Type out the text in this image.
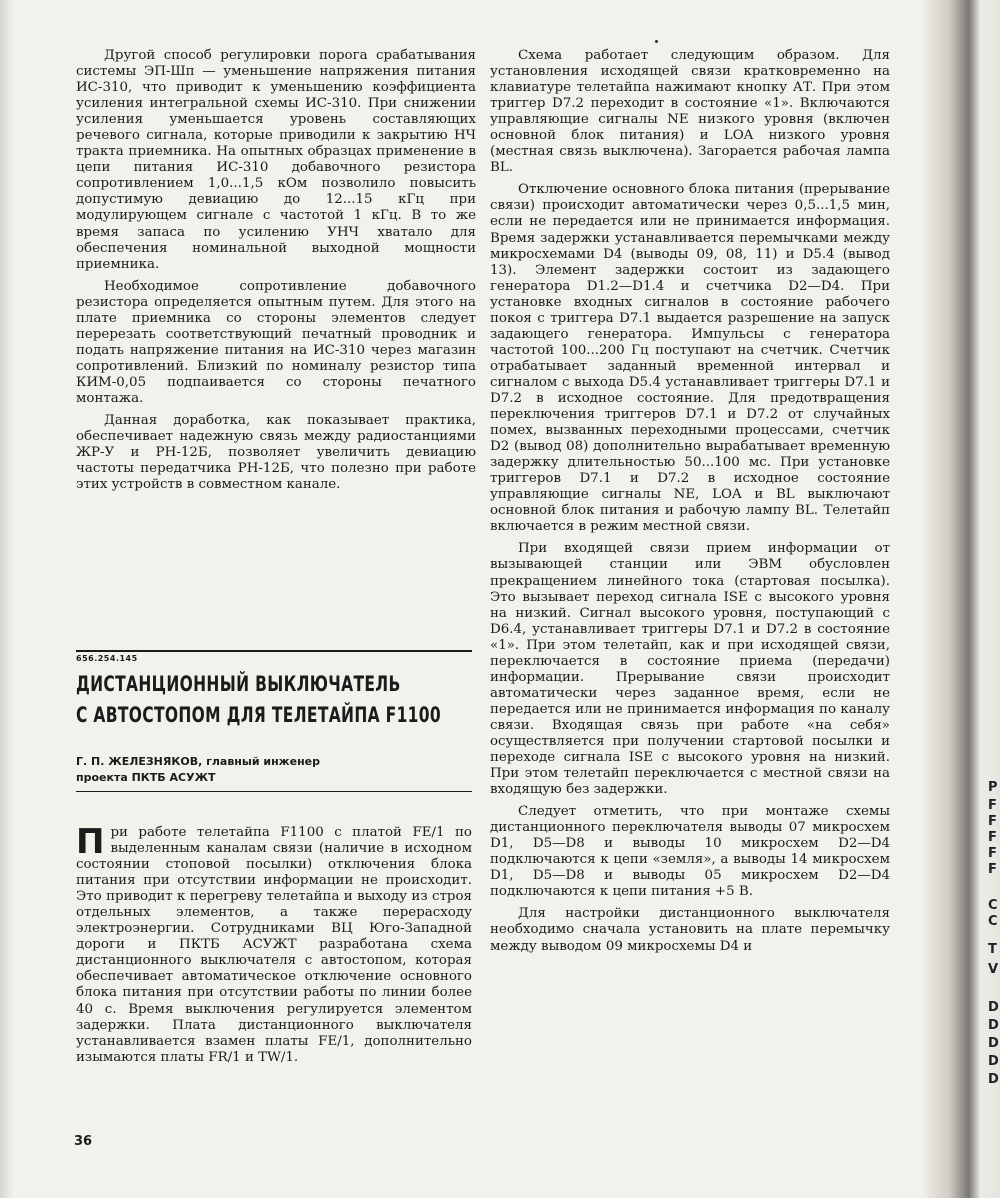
Другой способ регулировки порога срабатывания системы ЭП-Шп — уменьшение напряжения питания ИС-310, что приводит к уменьшению коэффициента усиления интегральной схемы ИС-310. При снижении усиления уменьшается уровень составляющих речевого сигнала, которые приводили к закрытию НЧ тракта приемника. На опытных образцах применение в цепи питания ИС-310 добавочного резистора сопротивлением 1,0...1,5 кОм позволило повысить допустимую девиацию до 12...15 кГц при модулирующем сигнале с частотой 1 кГц. В то же время запаса по усилению УНЧ хватало для обеспечения номинальной выходной мощности приемника.

Необходимое сопротивление добавочного резистора определяется опытным путем. Для этого на плате приемника со стороны элементов следует перерезать соответствующий печатный проводник и подать напряжение питания на ИС-310 через магазин сопротивлений. Близкий по номиналу резистор типа КИМ-0,05 подпаивается со стороны печатного монтажа.

Данная доработка, как показывает практика, обеспечивает надежную связь между радиостанциями ЖР-У и РН-12Б, позволяет увеличить девиацию частоты передатчика РН-12Б, что полезно при работе этих устройств в совместном канале.

656.254.145
ДИСТАНЦИОННЫЙ ВЫКЛЮЧАТЕЛЬ
С АВТОСТОПОМ ДЛЯ ТЕЛЕТАЙПА F1100
Г. П. ЖЕЛЕЗНЯКОВ, главный инженер
проекта ПКТБ АСУЖТ
При работе телетайпа F1100 с платой FE/1 по выделенным каналам связи (наличие в исходном состоянии стоповой посылки) отключения блока питания при отсутствии информации не происходит. Это приводит к перегреву телетайпа и выходу из строя отдельных элементов, а также перерасходу электроэнергии. Сотрудниками ВЦ Юго-Западной дороги и ПКТБ АСУЖТ разработана схема дистанционного выключателя с автостопом, которая обеспечивает автоматическое отключение основного блока питания при отсутствии работы по линии более 40 с. Время выключения регулируется элементом задержки. Плата дистанционного выключателя устанавливается взамен платы FE/1, дополнительно изымаются платы FR/1 и TW/1.
36

Схема работает следующим образом. Для установления исходящей связи кратковременно на клавиатуре телетайпа нажимают кнопку АТ. При этом триггер D7.2 переходит в состояние «1». Включаются управляющие сигналы NE низкого уровня (включен основной блок питания) и LOA низкого уровня (местная связь выключена). Загорается рабочая лампа BL.

Отключение основного блока питания (прерывание связи) происходит автоматически через 0,5...1,5 мин, если не передается или не принимается информация. Время задержки устанавливается перемычками между микросхемами D4 (выводы 09, 08, 11) и D5.4 (вывод 13). Элемент задержки состоит из задающего генератора D1.2—D1.4 и счетчика D2—D4. При установке входных сигналов в состояние рабочего покоя с триггера D7.1 выдается разрешение на запуск задающего генератора. Импульсы с генератора частотой 100...200 Гц поступают на счетчик. Счетчик отрабатывает заданный временной интервал и сигналом с выхода D5.4 устанавливает триггеры D7.1 и D7.2 в исходное состояние. Для предотвращения переключения триггеров D7.1 и D7.2 от случайных помех, вызванных переходными процессами, счетчик D2 (вывод 08) дополнительно вырабатывает временную задержку длительностью 50...100 мс. При установке триггеров D7.1 и D7.2 в исходное состояние управляющие сигналы NE, LOA и BL выключают основной блок питания и рабочую лампу BL. Телетайп включается в режим местной связи.

При входящей связи прием информации от вызывающей станции или ЭВМ обусловлен прекращением линейного тока (стартовая посылка). Это вызывает переход сигнала ISE с высокого уровня на низкий. Сигнал высокого уровня, поступающий с D6.4, устанавливает триггеры D7.1 и D7.2 в состояние «1». При этом телетайп, как и при исходящей связи, переключается в состояние приема (передачи) информации. Прерывание связи происходит автоматически через заданное время, если не передается или не принимается информация по каналу связи. Входящая связь при работе «на себя» осуществляется при получении стартовой посылки и переходе сигнала ISE с высокого уровня на низкий. При этом телетайп переключается с местной связи на входящую без задержки.

Следует отметить, что при монтаже схемы дистанционного переключателя выводы 07 микросхем D1, D5—D8 и выводы 10 микросхем D2—D4 подключаются к цепи «земля», а выводы 14 микросхем D1, D5—D8 и выводы 05 микросхем D2—D4 подключаются к цепи питания +5 В.

Для настройки дистанционного выключателя необходимо сначала установить на плате перемычку между выводом 09 микросхемы D4 и

P
F
F
F
F
F
C
C
T
V
D
D
D
D
D
